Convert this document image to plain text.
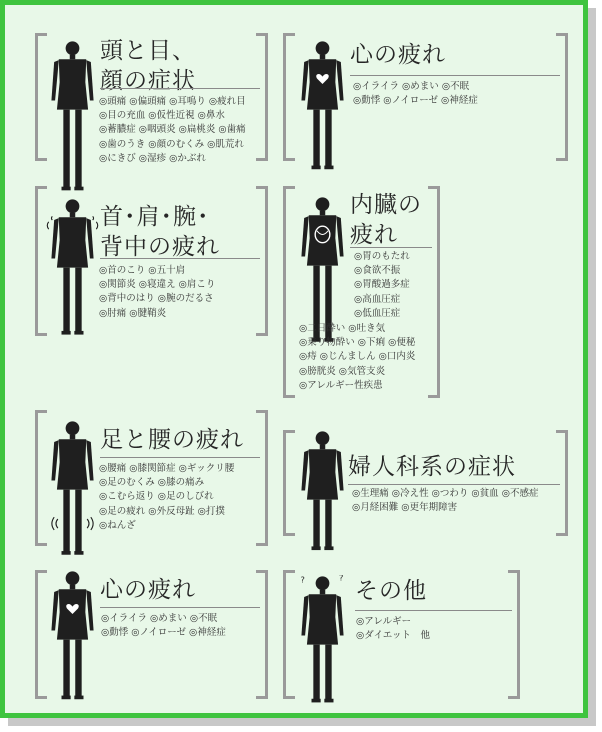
頭と目、
顔の症状
◎頭痛 ◎偏頭痛 ◎耳鳴り ◎疲れ目
◎目の充血 ◎仮性近視 ◎鼻水
◎蓄膿症 ◎咽頭炎 ◎扁桃炎 ◎歯痛
◎歯のうき ◎顔のむくみ ◎肌荒れ
◎にきび ◎湿疹 ◎かぶれ
心の疲れ
◎イライラ ◎めまい ◎不眠
◎動悸 ◎ノイローゼ ◎神経症
首･肩･腕･
背中の疲れ
◎首のこり ◎五十肩
◎関節炎 ◎寝違え ◎肩こり
◎背中のはり ◎腕のだるさ
◎肘痛 ◎腱鞘炎
内臓の
疲れ
◎胃のもたれ
◎食欲不振
◎胃酸過多症
◎高血圧症
◎低血圧症
◎二日酔い ◎吐き気
◎乗り物酔い ◎下痢 ◎便秘
◎痔 ◎じんましん ◎口内炎
◎膀胱炎 ◎気管支炎
◎アレルギー性疾患
足と腰の疲れ
◎腰痛 ◎膝関節症 ◎ギックリ腰
◎足のむくみ ◎膝の痛み
◎こむら返り ◎足のしびれ
◎足の疲れ ◎外反母趾 ◎打撲
◎ねんざ
婦人科系の症状
◎生理痛 ◎冷え性 ◎つわり ◎貧血 ◎不感症
◎月経困難 ◎更年期障害
心の疲れ
◎イライラ ◎めまい ◎不眠
◎動悸 ◎ノイローゼ ◎神経症
?	?
その他
◎アレルギー
◎ダイエット　他
